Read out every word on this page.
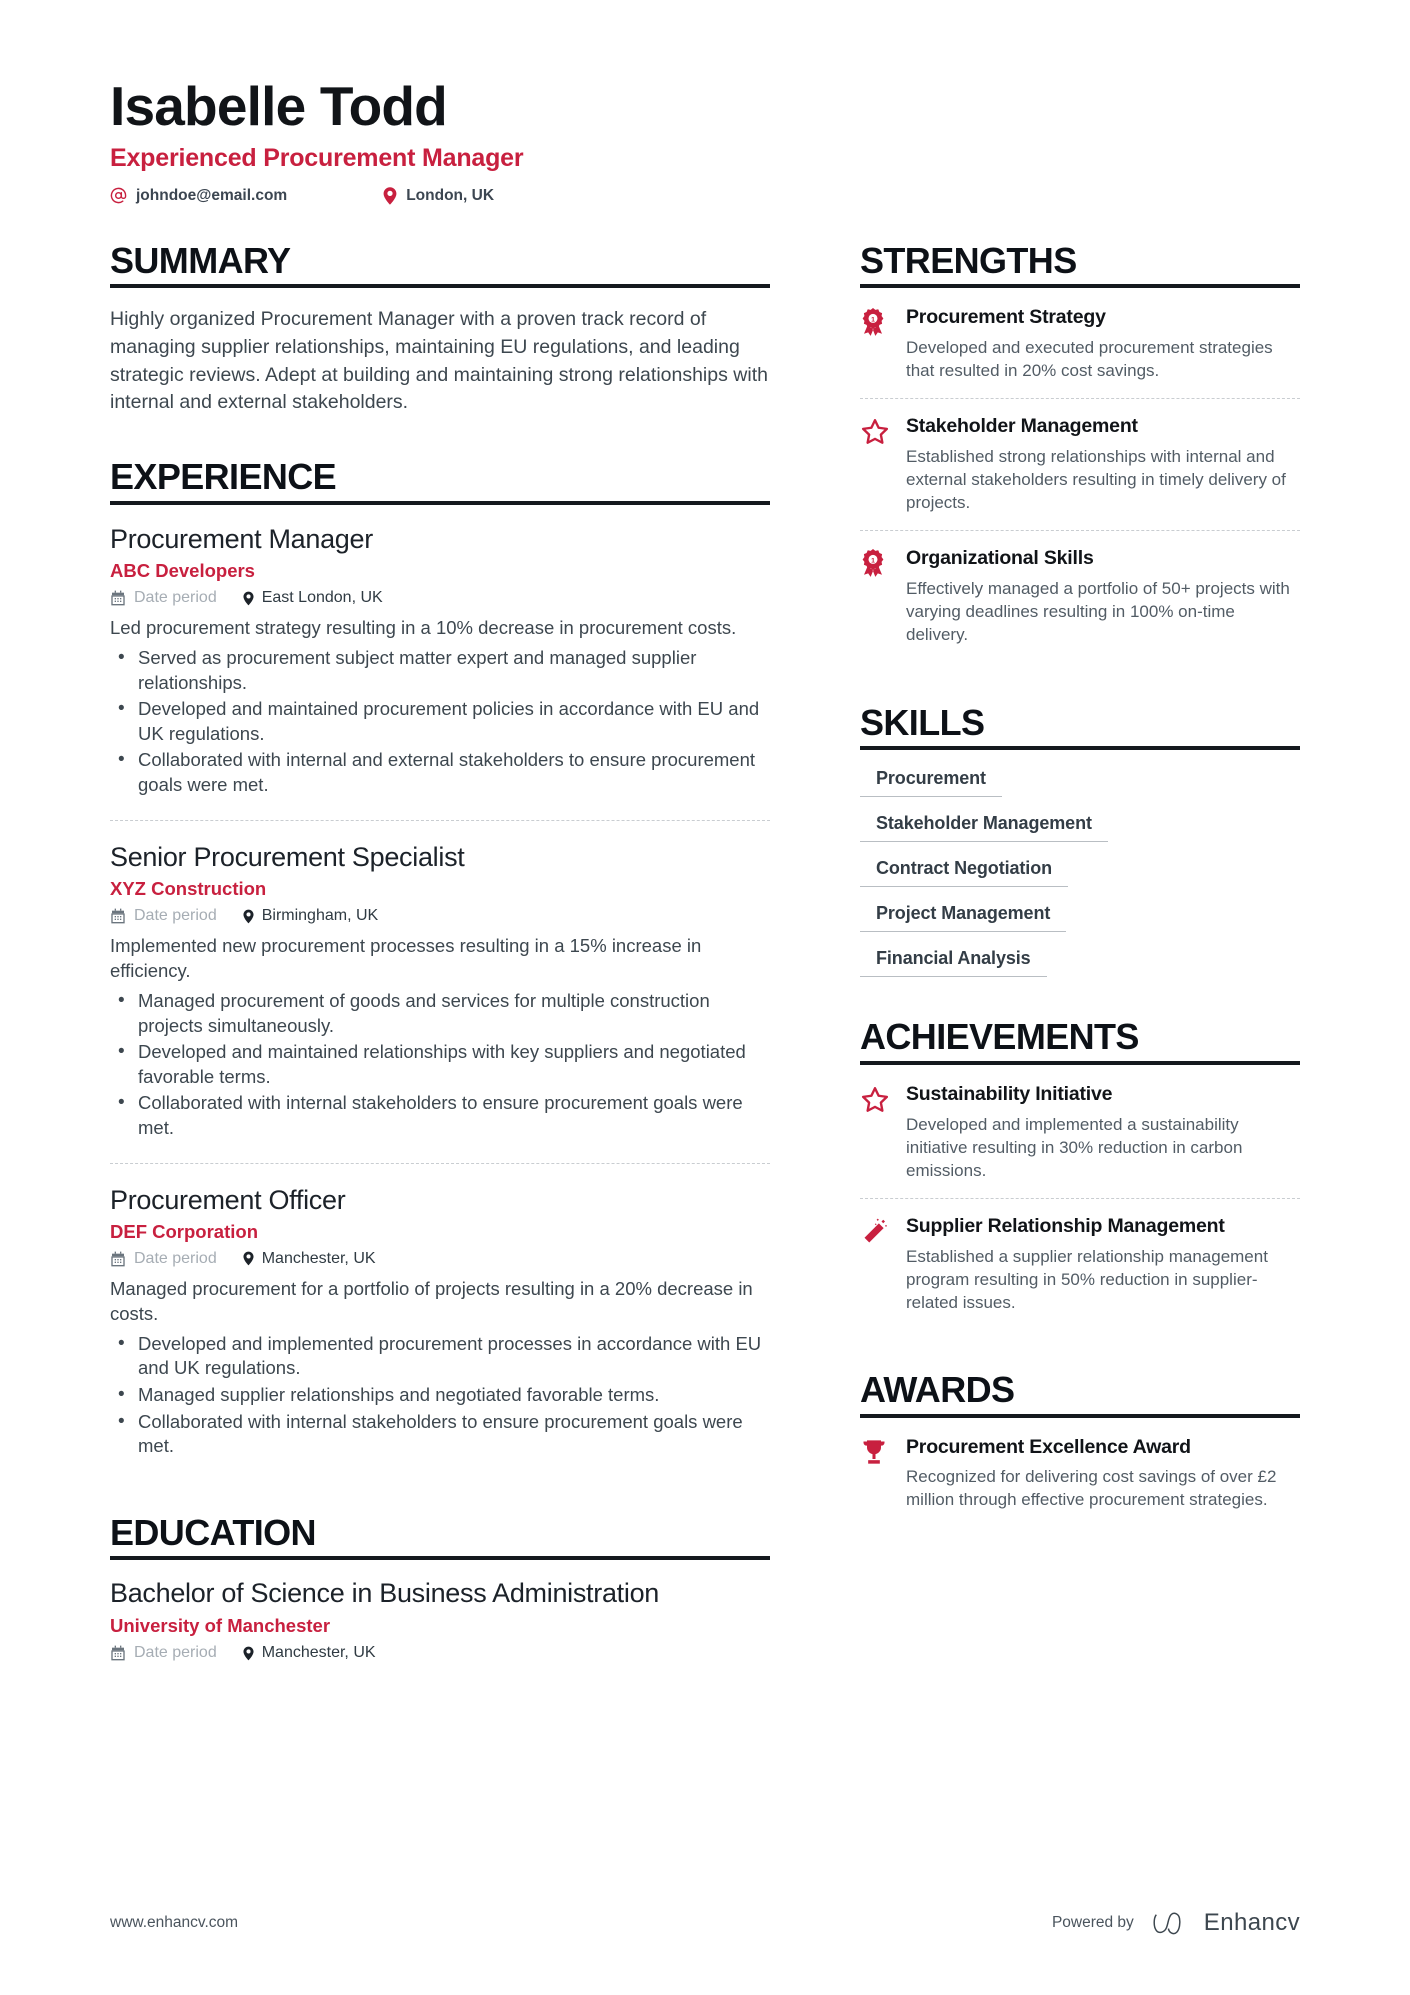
Isabelle Todd
Experienced Procurement Manager
johndoe@email.com	London, UK
SUMMARY
Highly organized Procurement Manager with a proven track record of managing supplier relationships, maintaining EU regulations, and leading strategic reviews. Adept at building and maintaining strong relationships with internal and external stakeholders.
EXPERIENCE
Procurement Manager
ABC Developers
Date period	East London, UK
Led procurement strategy resulting in a 10% decrease in procurement costs.
• Served as procurement subject matter expert and managed supplier relationships.
• Developed and maintained procurement policies in accordance with EU and UK regulations.
• Collaborated with internal and external stakeholders to ensure procurement goals were met.
Senior Procurement Specialist
XYZ Construction
Date period	Birmingham, UK
Implemented new procurement processes resulting in a 15% increase in efficiency.
• Managed procurement of goods and services for multiple construction projects simultaneously.
• Developed and maintained relationships with key suppliers and negotiated favorable terms.
• Collaborated with internal stakeholders to ensure procurement goals were met.
Procurement Officer
DEF Corporation
Date period	Manchester, UK
Managed procurement for a portfolio of projects resulting in a 20% decrease in costs.
• Developed and implemented procurement processes in accordance with EU and UK regulations.
• Managed supplier relationships and negotiated favorable terms.
• Collaborated with internal stakeholders to ensure procurement goals were met.
EDUCATION
Bachelor of Science in Business Administration
University of Manchester
Date period	Manchester, UK
STRENGTHS
1 Procurement Strategy
Developed and executed procurement strategies that resulted in 20% cost savings.
Stakeholder Management
Established strong relationships with internal and external stakeholders resulting in timely delivery of projects.
1 Organizational Skills
Effectively managed a portfolio of 50+ projects with varying deadlines resulting in 100% on-time delivery.
SKILLS
Procurement
Stakeholder Management
Contract Negotiation
Project Management
Financial Analysis
ACHIEVEMENTS
Sustainability Initiative
Developed and implemented a sustainability initiative resulting in 30% reduction in carbon emissions.
Supplier Relationship Management
Established a supplier relationship management program resulting in 50% reduction in supplier-related issues.
AWARDS
Procurement Excellence Award
Recognized for delivering cost savings of over £2 million through effective procurement strategies.
www.enhancv.com	Powered by	Enhancv
